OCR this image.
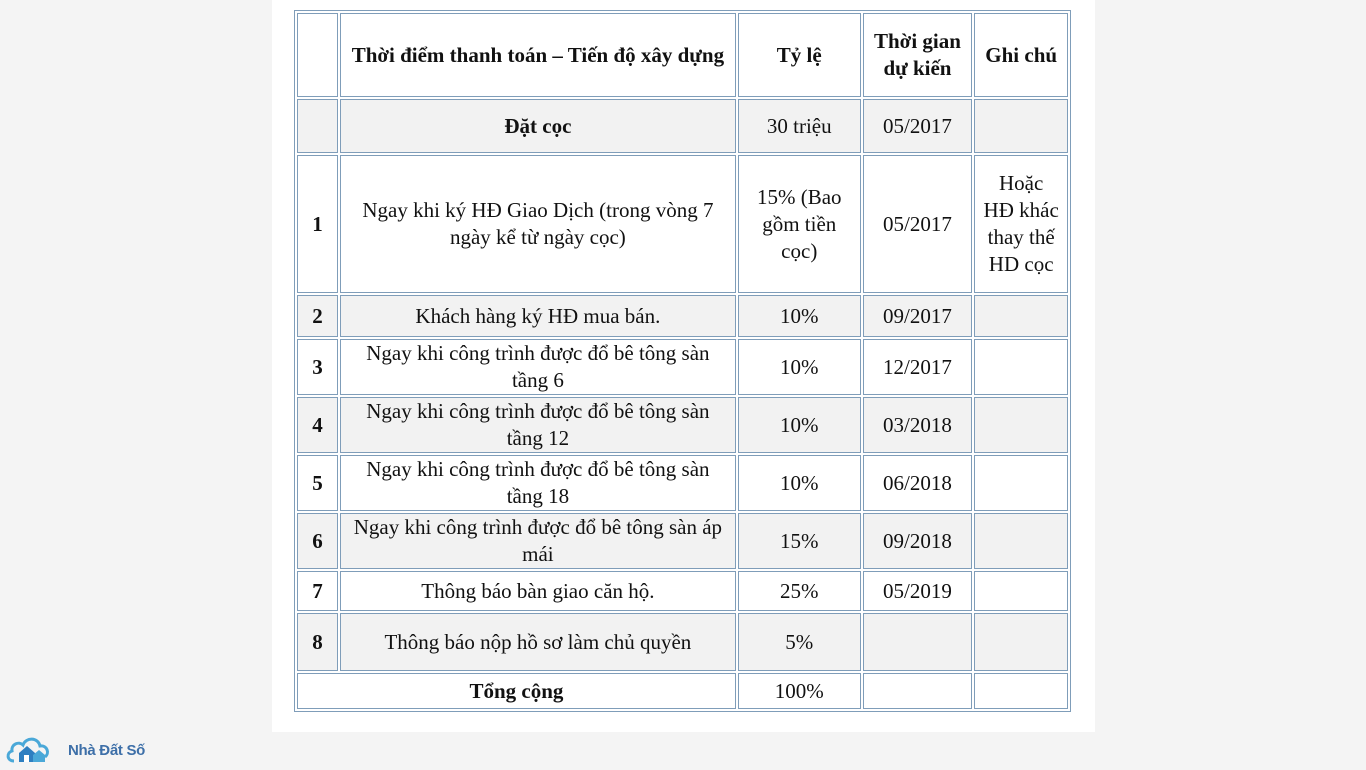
	Thời điểm thanh toán – Tiến độ xây dựng	Tỷ lệ	Thời gian dự kiến	Ghi chú
	Đặt cọc	30 triệu	05/2017	
1	Ngay khi ký HĐ Giao Dịch (trong vòng 7 ngày kể từ ngày cọc)	15% (Bao gồm tiền cọc)	05/2017	Hoặc HĐ khác thay thế HD cọc
2	Khách hàng ký HĐ mua bán.	10%	09/2017	
3	Ngay khi công trình được đổ bê tông sàn tầng 6	10%	12/2017	
4	Ngay khi công trình được đổ bê tông sàn tầng 12	10%	03/2018	
5	Ngay khi công trình được đổ bê tông sàn tầng 18	10%	06/2018	
6	Ngay khi công trình được đổ bê tông sàn áp mái	15%	09/2018	
7	Thông báo bàn giao căn hộ.	25%	05/2019	
8	Thông báo nộp hồ sơ làm chủ quyền	5%		
Tổng cộng		100%		
Nhà Đất Số
